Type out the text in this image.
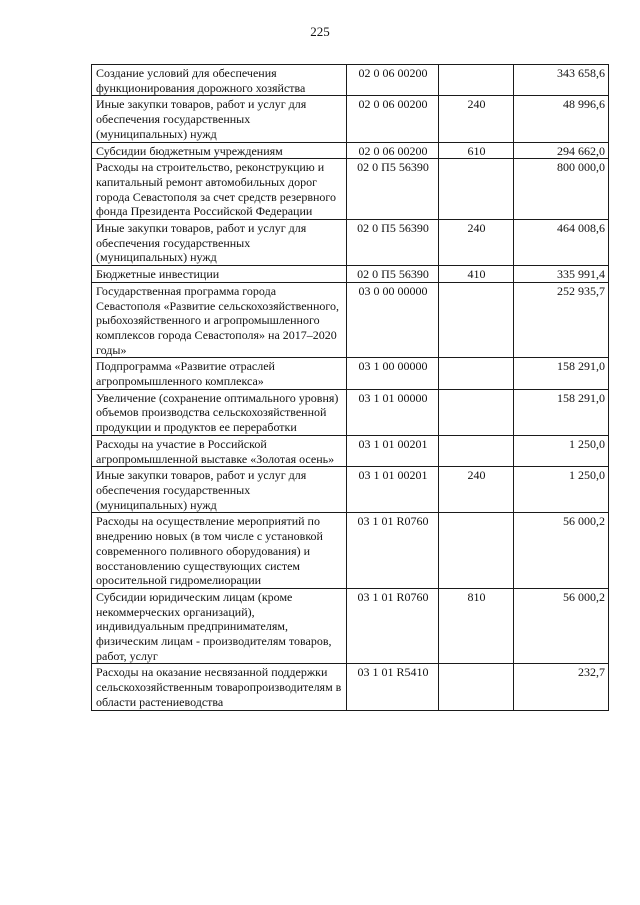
225
Создание условий для обеспечения функционирования дорожного хозяйства	02 0 06 00200		343 658,6
Иные закупки товаров, работ и услуг для обеспечения государственных (муниципальных) нужд	02 0 06 00200	240	48 996,6
Субсидии бюджетным учреждениям	02 0 06 00200	610	294 662,0
Расходы на строительство, реконструкцию и капитальный ремонт автомобильных дорог города Севастополя за счет средств резервного фонда Президента Российской Федерации	02 0 П5 56390		800 000,0
Иные закупки товаров, работ и услуг для обеспечения государственных (муниципальных) нужд	02 0 П5 56390	240	464 008,6
Бюджетные инвестиции	02 0 П5 56390	410	335 991,4
Государственная программа города Севастополя «Развитие сельскохозяйственного, рыбохозяйственного и агропромышленного комплексов города Севастополя» на 2017–2020 годы»	03 0 00 00000		252 935,7
Подпрограмма «Развитие отраслей агропромышленного комплекса»	03 1 00 00000		158 291,0
Увеличение (сохранение оптимального уровня) объемов производства сельскохозяйственной продукции и продуктов ее переработки	03 1 01 00000		158 291,0
Расходы на участие в Российской агропромышленной выставке «Золотая осень»	03 1 01 00201		1 250,0
Иные закупки товаров, работ и услуг для обеспечения государственных (муниципальных) нужд	03 1 01 00201	240	1 250,0
Расходы на осуществление мероприятий по внедрению новых (в том числе с установкой современного поливного оборудования) и восстановлению существующих систем оросительной гидромелиорации	03 1 01 R0760		56 000,2
Субсидии юридическим лицам (кроме некоммерческих организаций), индивидуальным предпринимателям, физическим лицам - производителям товаров, работ, услуг	03 1 01 R0760	810	56 000,2
Расходы на оказание несвязанной поддержки сельскохозяйственным товаропроизводителям в области растениеводства	03 1 01 R5410		232,7
